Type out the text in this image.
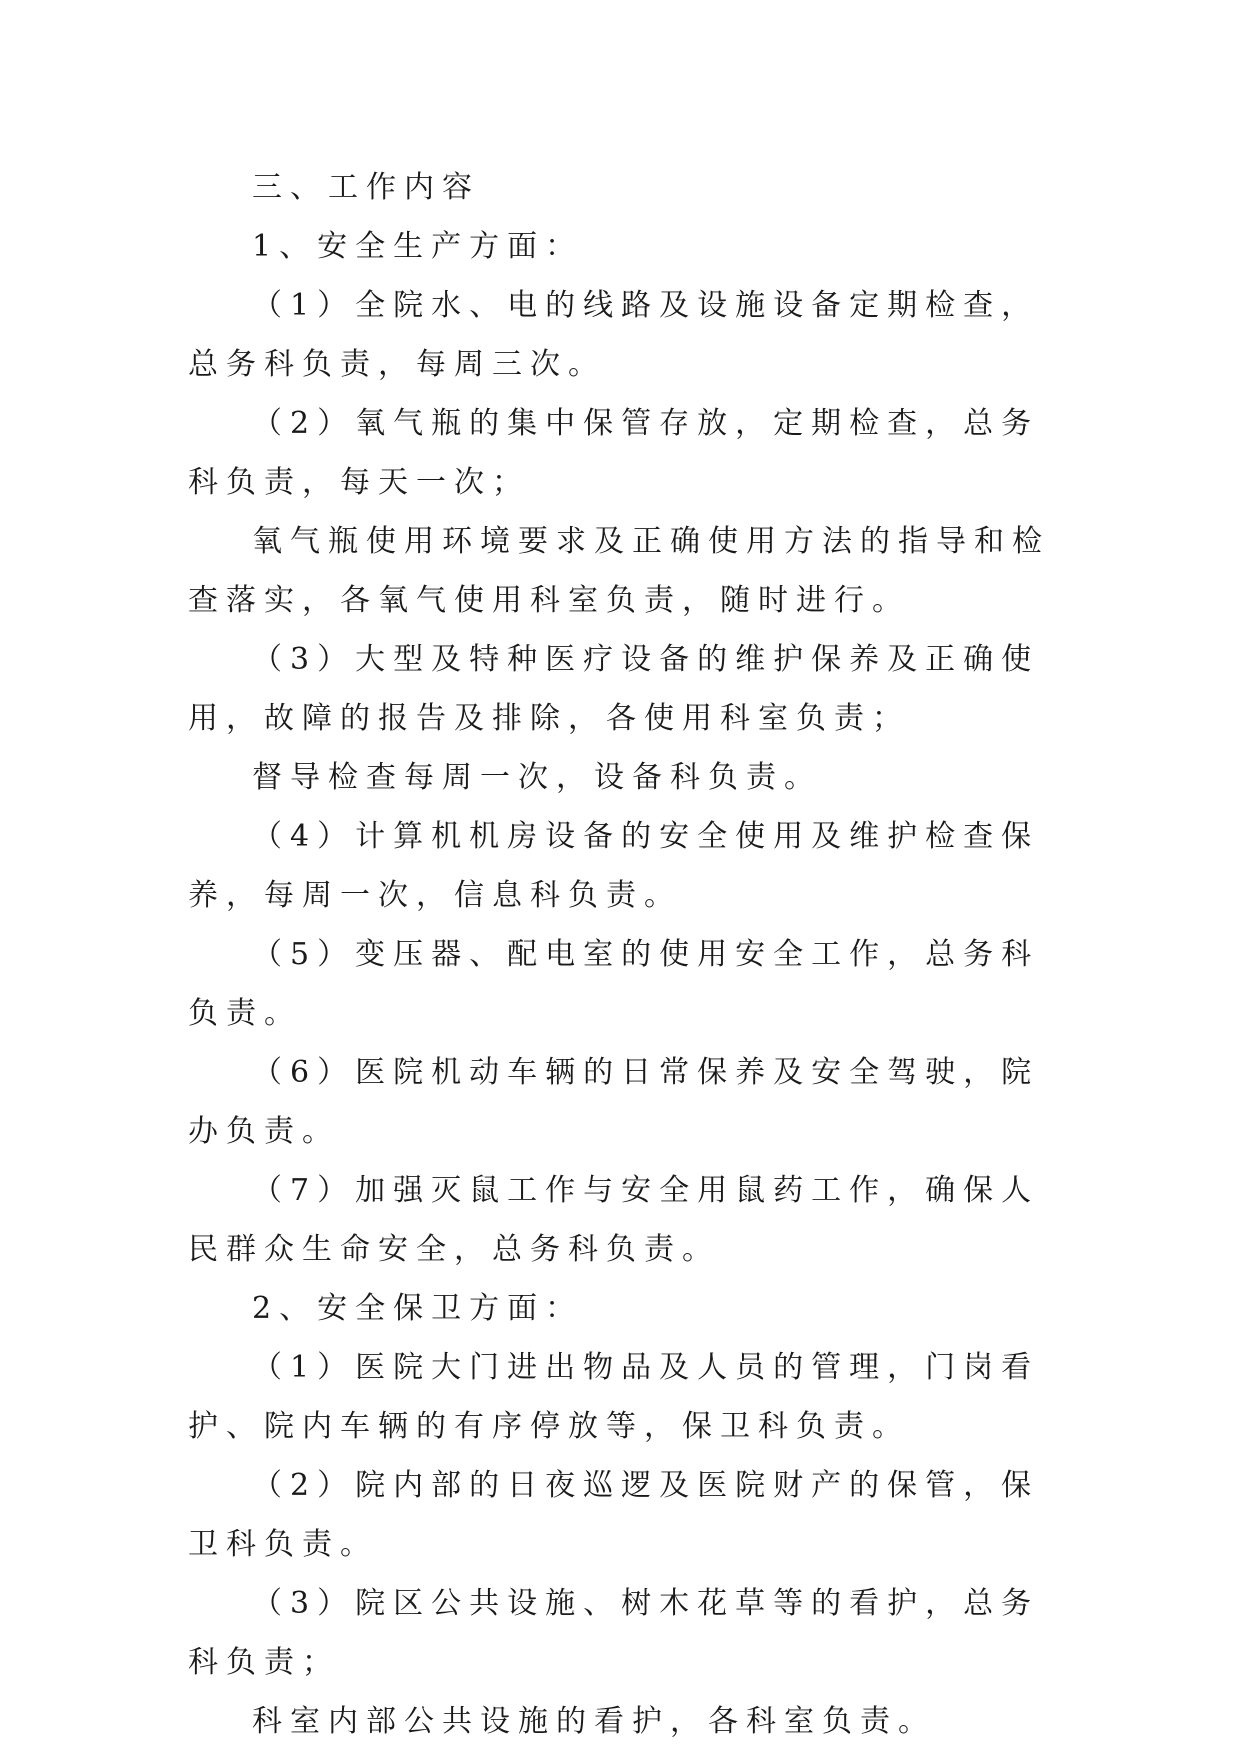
三、工作内容

1、安全生产方面：

（1）全院水、电的线路及设施设备定期检查，总务科负责，每周三次。

（2）氧气瓶的集中保管存放，定期检查，总务科负责，每天一次；

氧气瓶使用环境要求及正确使用方法的指导和检查落实，各氧气使用科室负责，随时进行。

（3）大型及特种医疗设备的维护保养及正确使用，故障的报告及排除，各使用科室负责；

督导检查每周一次，设备科负责。

（4）计算机机房设备的安全使用及维护检查保养，每周一次，信息科负责。

（5）变压器、配电室的使用安全工作，总务科负责。

（6）医院机动车辆的日常保养及安全驾驶，院办负责。

（7）加强灭鼠工作与安全用鼠药工作，确保人民群众生命安全，总务科负责。

2、安全保卫方面：

（1）医院大门进出物品及人员的管理，门岗看护、院内车辆的有序停放等，保卫科负责。

（2）院内部的日夜巡逻及医院财产的保管，保卫科负责。

（3）院区公共设施、树木花草等的看护，总务科负责；

科室内部公共设施的看护，各科室负责。
